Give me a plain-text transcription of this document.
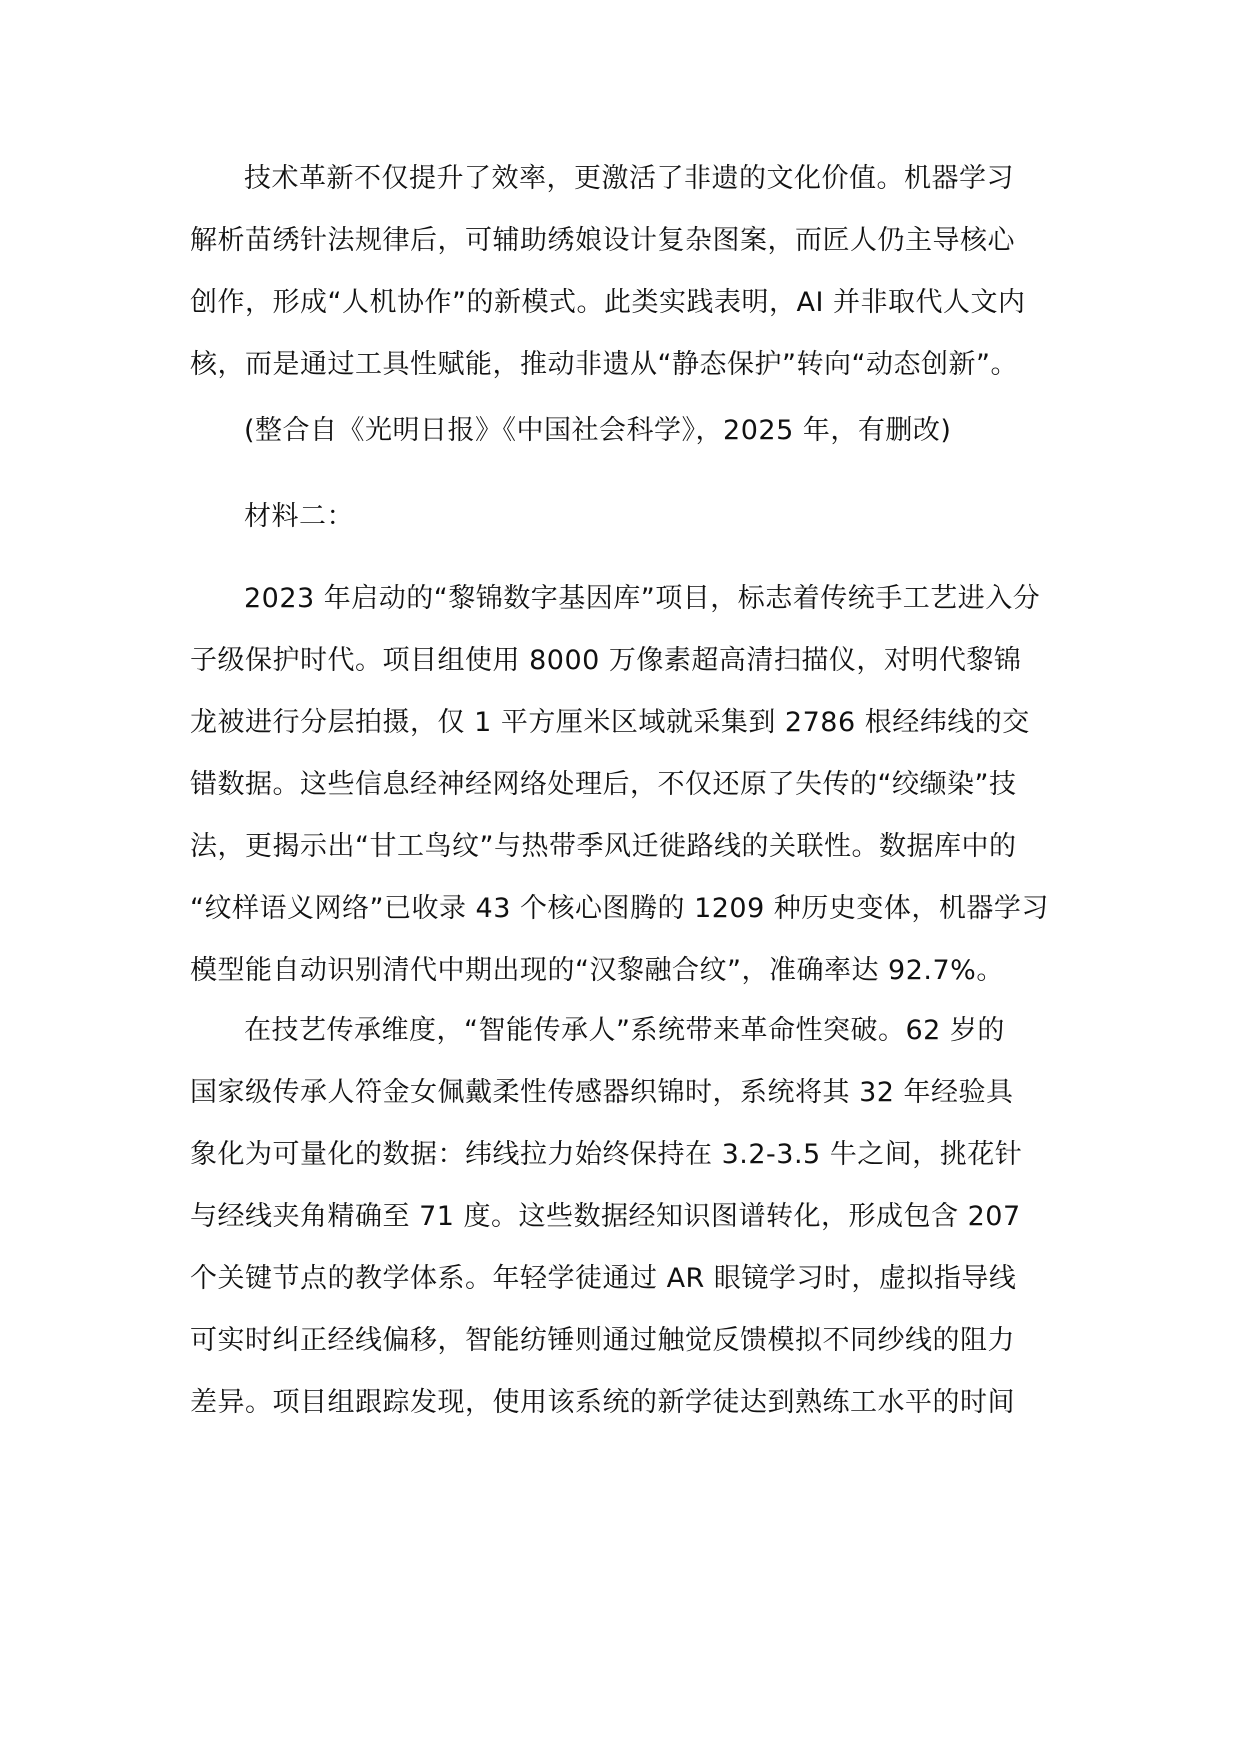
技术革新不仅提升了效率，更激活了非遗的文化价值。机器学习
解析苗绣针法规律后，可辅助绣娘设计复杂图案，而匠人仍主导核心
创作，形成“人机协作”的新模式。此类实践表明，AI 并非取代人文内
核，而是通过工具性赋能，推动非遗从“静态保护”转向“动态创新”。
(整合自《光明日报》《中国社会科学》，2025 年，有删改)
材料二：
2023 年启动的“黎锦数字基因库”项目，标志着传统手工艺进入分
子级保护时代。项目组使用 8000 万像素超高清扫描仪，对明代黎锦
龙被进行分层拍摄，仅 1 平方厘米区域就采集到 2786 根经纬线的交
错数据。这些信息经神经网络处理后，不仅还原了失传的“绞缬染”技
法，更揭示出“甘工鸟纹”与热带季风迁徙路线的关联性。数据库中的
“纹样语义网络”已收录 43 个核心图腾的 1209 种历史变体，机器学习
模型能自动识别清代中期出现的“汉黎融合纹”，准确率达 92.7%。
在技艺传承维度，“智能传承人”系统带来革命性突破。62 岁的
国家级传承人符金女佩戴柔性传感器织锦时，系统将其 32 年经验具
象化为可量化的数据：纬线拉力始终保持在 3.2-3.5 牛之间，挑花针
与经线夹角精确至 71 度。这些数据经知识图谱转化，形成包含 207
个关键节点的教学体系。年轻学徒通过 AR 眼镜学习时，虚拟指导线
可实时纠正经线偏移，智能纺锤则通过触觉反馈模拟不同纱线的阻力
差异。项目组跟踪发现，使用该系统的新学徒达到熟练工水平的时间
